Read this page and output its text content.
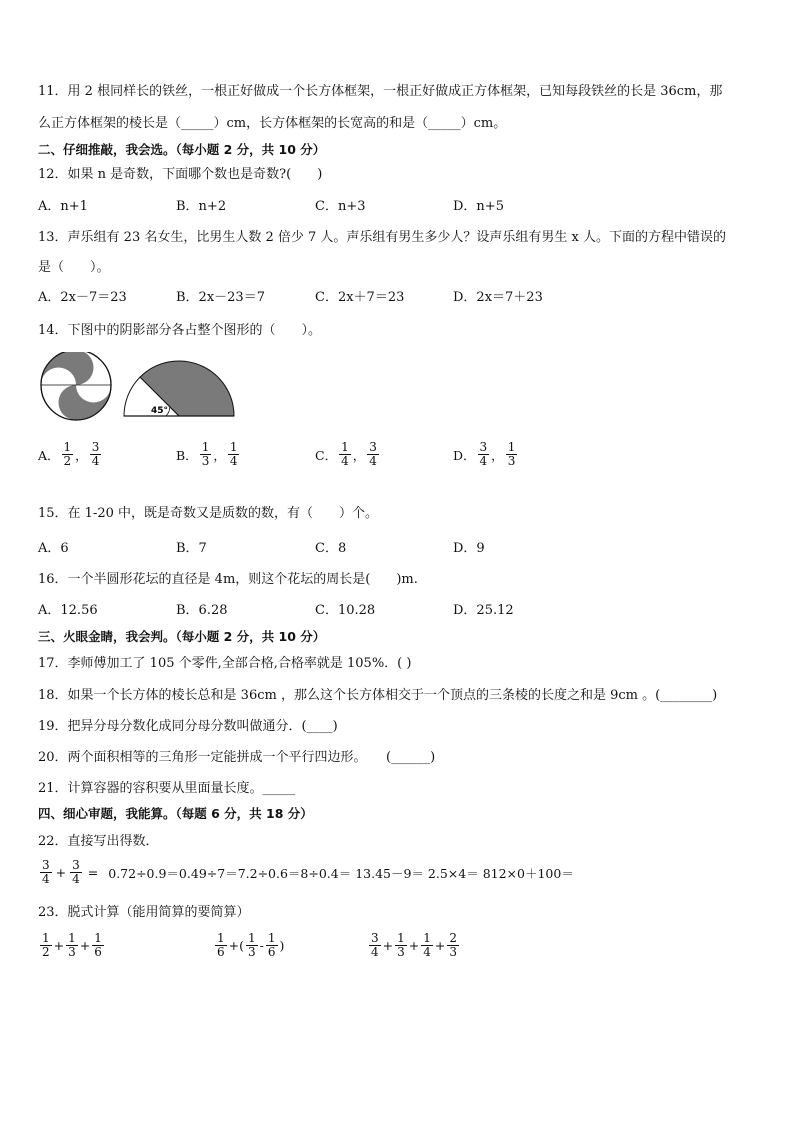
11．用 2 根同样长的铁丝，一根正好做成一个长方体框架，一根正好做成正方体框架，已知每段铁丝的长是 36cm，那
么正方体框架的棱长是（_____）cm，长方体框架的长宽高的和是（_____）cm。
二、仔细推敲，我会选。（每小题 2 分，共 10 分）
12．如果 n 是奇数，下面哪个数也是奇数?(　　)
A．n+1	B．n+2	C．n+3	D．n+5
13．声乐组有 23 名女生，比男生人数 2 倍少 7 人。声乐组有男生多少人？设声乐组有男生 x 人。下面的方程中错误的
是（　　）。
A．2x－7＝23	B．2x－23＝7	C．2x＋7＝23	D．2x＝7＋23
14．下图中的阴影部分各占整个图形的（　　）。
45°
A． $\frac{1}{2}$ ， $\frac{3}{4}$	B． $\frac{1}{3}$ ， $\frac{1}{4}$	C． $\frac{1}{4}$ ， $\frac{3}{4}$	D． $\frac{3}{4}$ ， $\frac{1}{3}$
15．在 1-20 中，既是奇数又是质数的数，有（　　）个。
A．6	B．7	C．8	D．9
16．一个半圆形花坛的直径是 4m，则这个花坛的周长是(　　)m.
A．12.56	B．6.28	C．10.28	D．25.12
三、火眼金睛，我会判。（每小题 2 分，共 10 分）
17．李师傅加工了 105 个零件,全部合格,合格率就是 105%．( )
18．如果一个长方体的棱长总和是 36cm ，那么这个长方体相交于一个顶点的三条棱的长度之和是 9cm 。(________)
19．把异分母分数化成同分母分数叫做通分．(____)
20．两个面积相等的三角形一定能拼成一个平行四边形。　　(______)
21．计算容器的容积要从里面量长度。_____
四、细心审题，我能算。（每题 6 分，共 18 分）
22．直接写出得数．
$\frac{3}{4} + \frac{3}{4} = 0.72\div 0.9=0.49\div 7=7.2\div 0.6=8\div 0.4= 13.45-9= 2.5\times 4= 812\times 0+100=$
23．脱式计算（能用简算的要简算）
$\frac{1}{2} + \frac{1}{3} + \frac{1}{6}$	$\frac{1}{6}$ +( $\frac{1}{3} - \frac{1}{6}$ )	$\frac{3}{4} + \frac{1}{3} + \frac{1}{4} + \frac{2}{3}$
